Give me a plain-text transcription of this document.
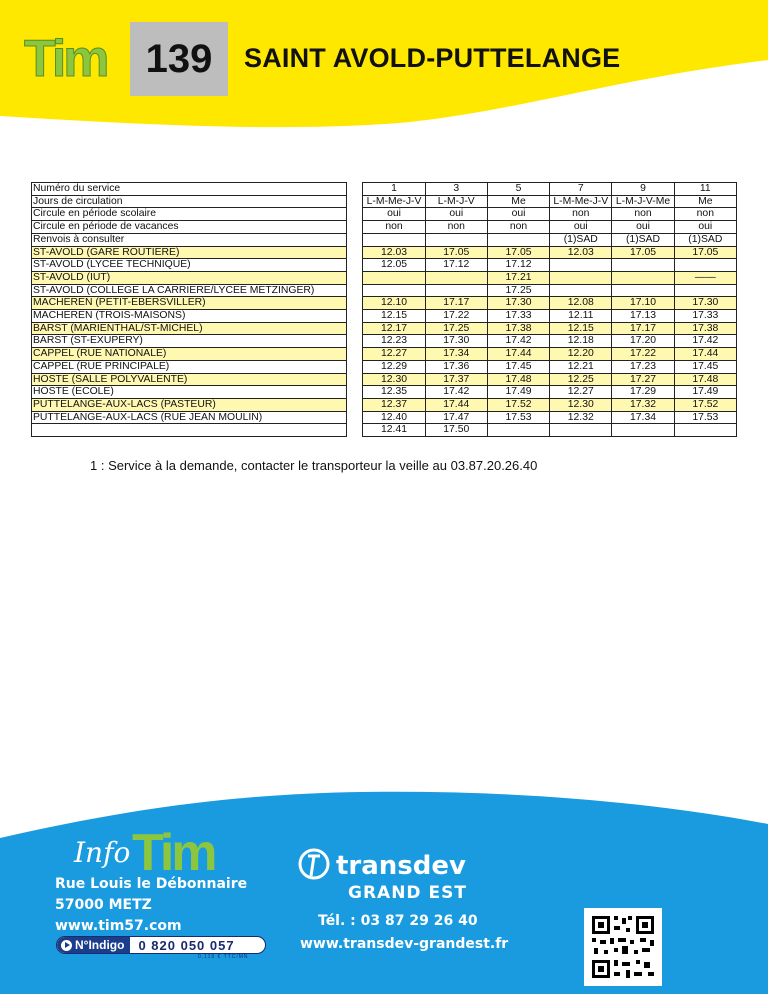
Tim 139 SAINT AVOLD-PUTTELANGE
Numéro du service		1	3	5	7	9	11
Jours de circulation		L-M-Me-J-V	L-M-J-V	Me	L-M-Me-J-V	L-M-J-V-Me	Me
Circule en période scolaire		oui	oui	oui	non	non	non
Circule en période de vacances		non	non	non	oui	oui	oui
Renvois à consulter					(1)SAD	(1)SAD	(1)SAD
ST-AVOLD (GARE ROUTIERE)		12.03	17.05	17.05	12.03	17.05	17.05
ST-AVOLD (LYCEE TECHNIQUE)		12.05	17.12	17.12			
ST-AVOLD (IUT)				17.21			——
ST-AVOLD (COLLEGE LA CARRIERE/LYCEE METZINGER)				17.25			
MACHEREN (PETIT-EBERSVILLER)		12.10	17.17	17.30	12.08	17.10	17.30
MACHEREN (TROIS-MAISONS)		12.15	17.22	17.33	12.11	17.13	17.33
BARST (MARIENTHAL/ST-MICHEL)		12.17	17.25	17.38	12.15	17.17	17.38
BARST (ST-EXUPERY)		12.23	17.30	17.42	12.18	17.20	17.42
CAPPEL (RUE NATIONALE)		12.27	17.34	17.44	12.20	17.22	17.44
CAPPEL (RUE PRINCIPALE)		12.29	17.36	17.45	12.21	17.23	17.45
HOSTE (SALLE POLYVALENTE)		12.30	17.37	17.48	12.25	17.27	17.48
HOSTE (ECOLE)		12.35	17.42	17.49	12.27	17.29	17.49
PUTTELANGE-AUX-LACS (PASTEUR)		12.37	17.44	17.52	12.30	17.32	17.52
PUTTELANGE-AUX-LACS (RUE JEAN MOULIN)		12.40	17.47	17.53	12.32	17.34	17.53
		12.41	17.50				
1 : Service à la demande, contacter le transporteur la veille au 03.87.20.26.40
Info Tim
Rue Louis le Débonnaire
57000 METZ
www.tim57.com
N°Indigo	0 820 050 057
0,119 € TTC/MN
transdev
GRAND EST
Tél. : 03 87 29 26 40
www.transdev-grandest.fr
